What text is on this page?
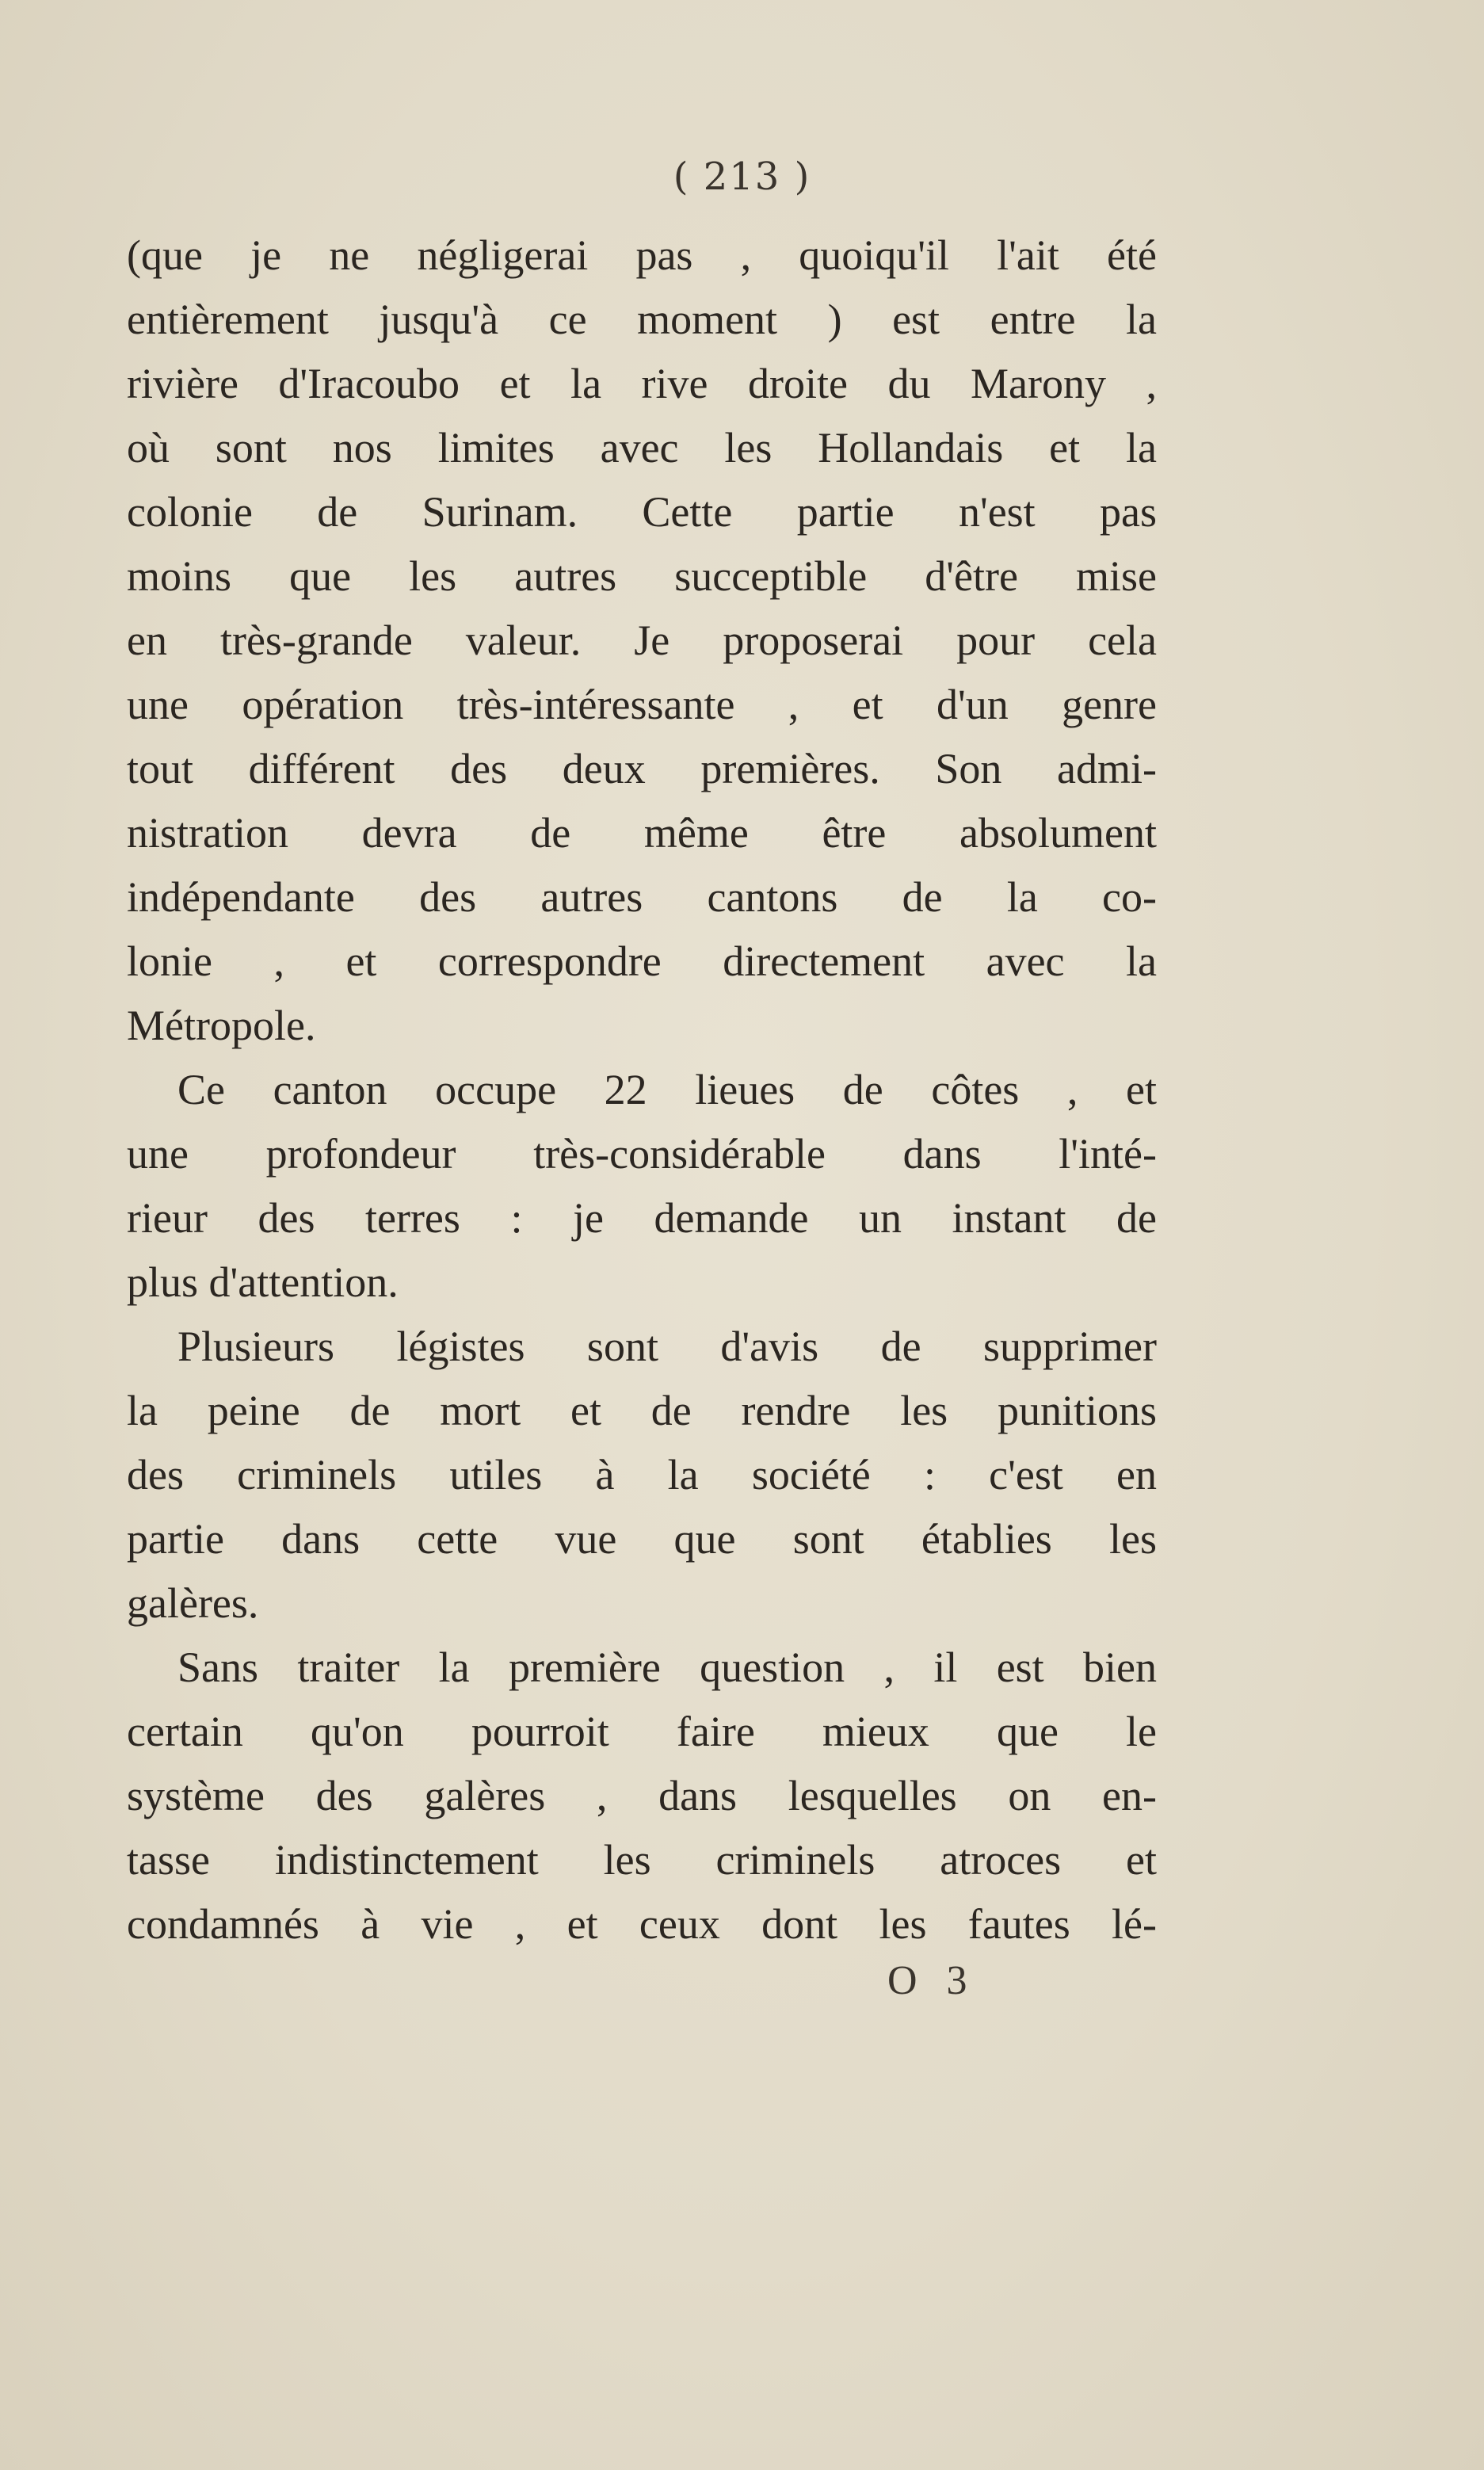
( 213 )
(que je ne négligerai pas , quoiqu'il l'ait été
entièrement jusqu'à ce moment ) est entre la
rivière d'Iracoubo et la rive droite du Marony ,
où sont nos limites avec les Hollandais et la
colonie de Surinam. Cette partie n'est pas
moins que les autres succeptible d'être mise
en très-grande valeur. Je proposerai pour cela
une opération très-intéressante , et d'un genre
tout différent des deux premières. Son admi-
nistration devra de même être absolument
indépendante des autres cantons de la co-
lonie , et correspondre directement avec la
Métropole.
Ce canton occupe 22 lieues de côtes , et
une profondeur très-considérable dans l'inté-
rieur des terres : je demande un instant de
plus d'attention.
Plusieurs légistes sont d'avis de supprimer
la peine de mort et de rendre les punitions
des criminels utiles à la société : c'est en
partie dans cette vue que sont établies les
galères.
Sans traiter la première question , il est bien
certain qu'on pourroit faire mieux que le
système des galères , dans lesquelles on en-
tasse indistinctement les criminels atroces et
condamnés à vie , et ceux dont les fautes lé-
O 3
